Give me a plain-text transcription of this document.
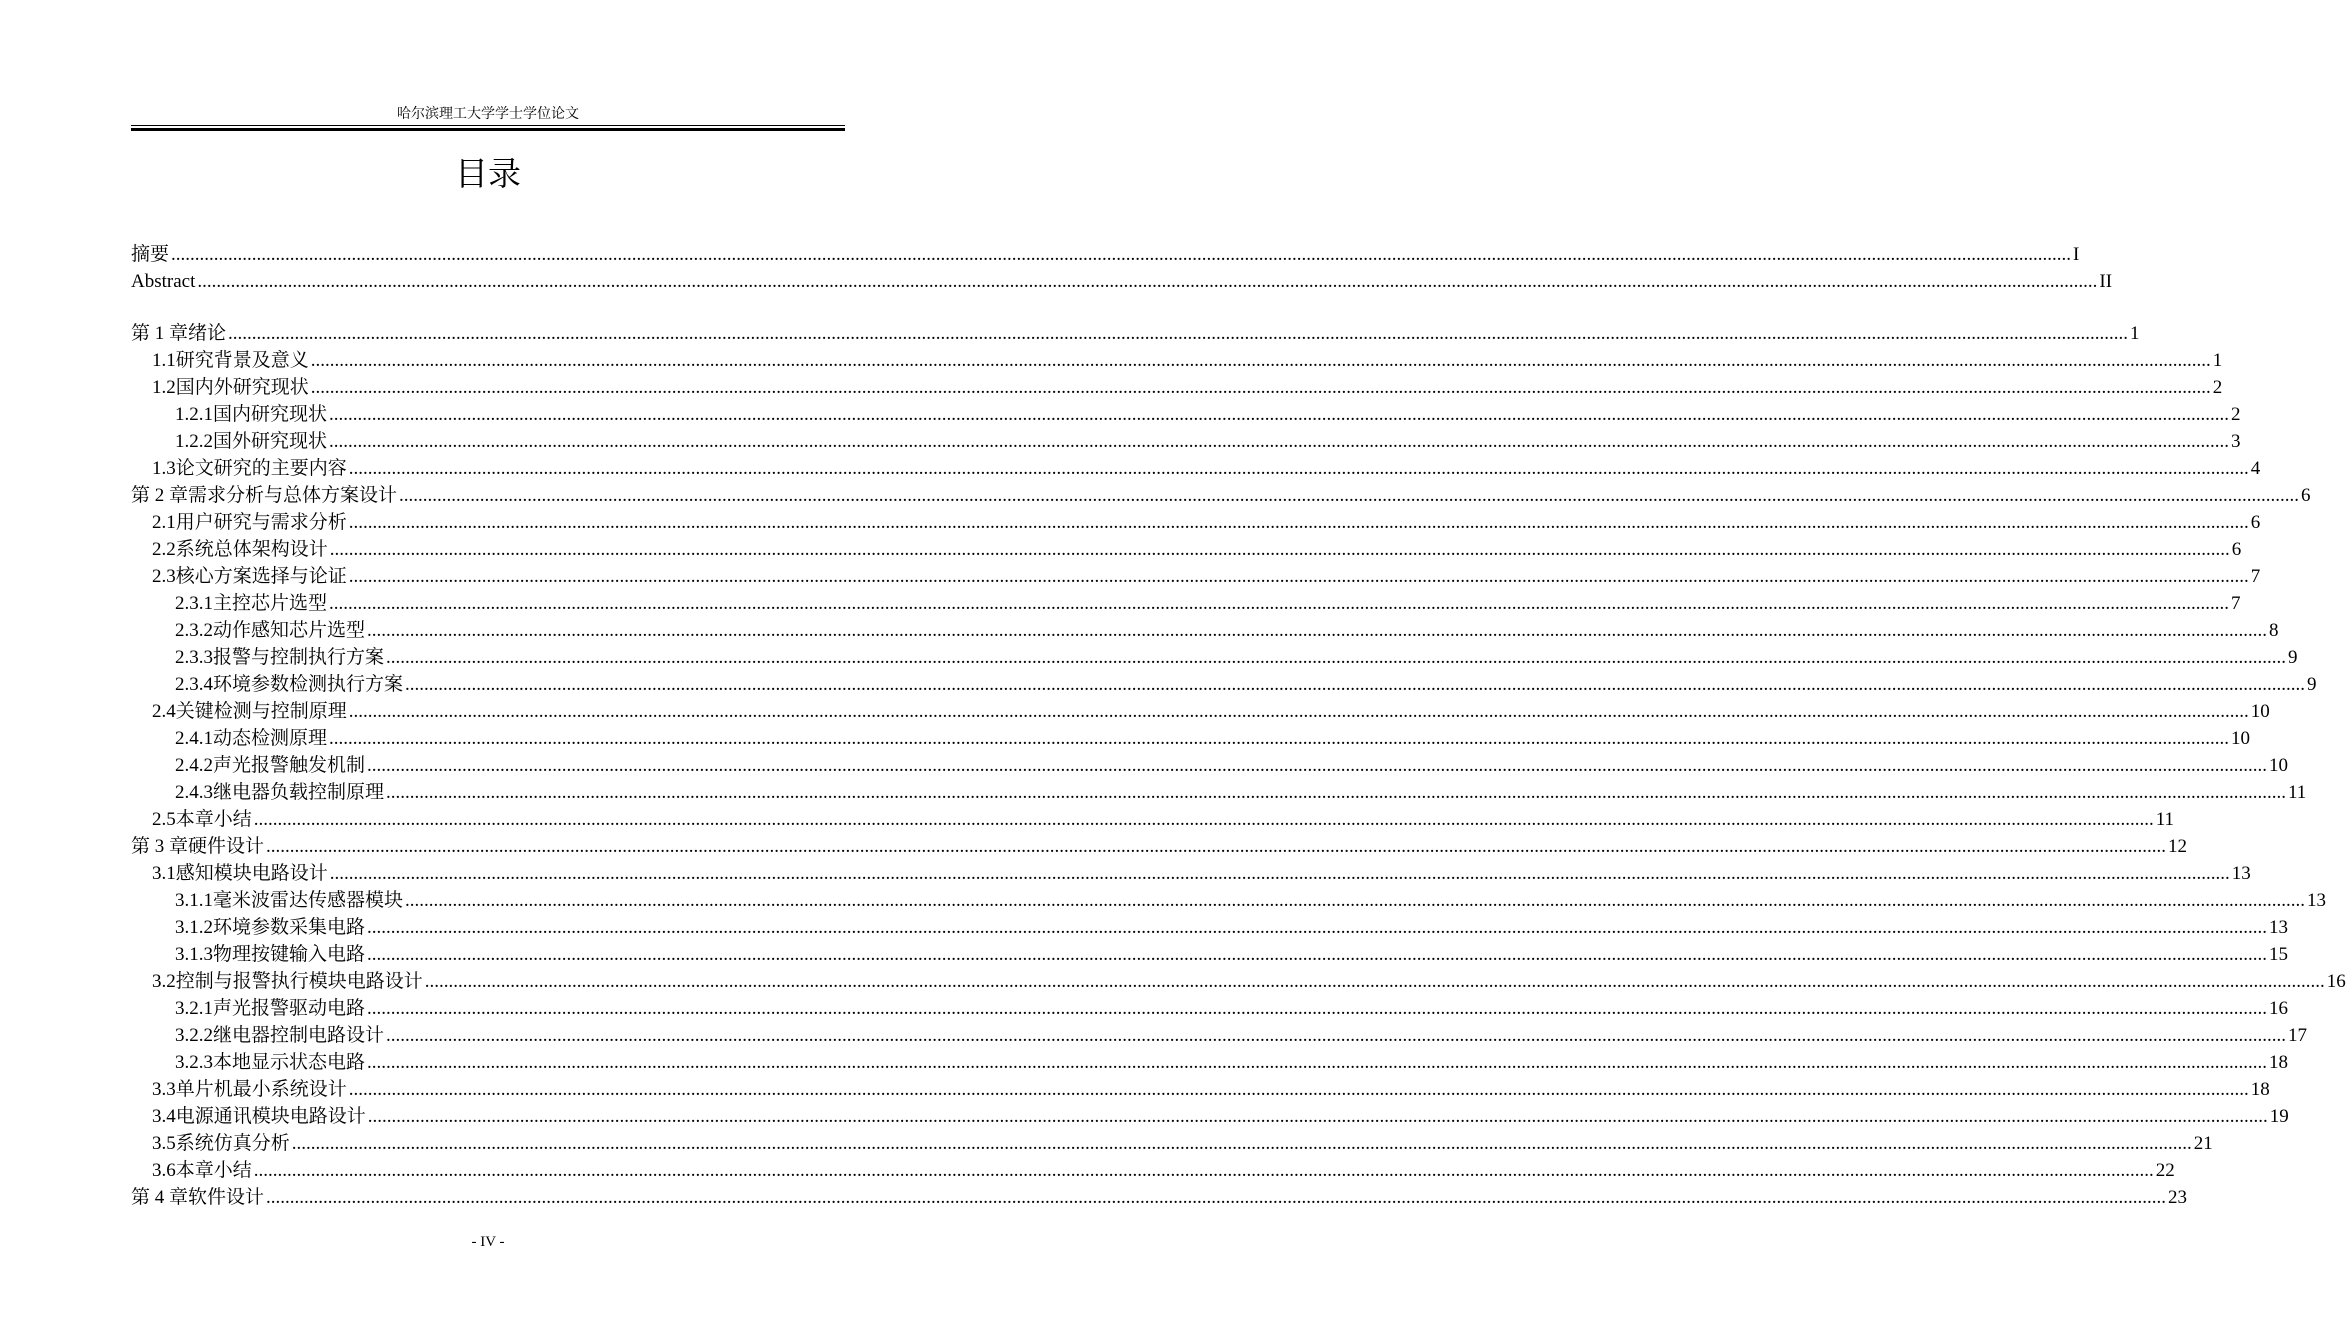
哈尔滨理工大学学士学位论文
目录
摘要 ................................................................................................................................................................................................................................................................................................................................................................................................................ I
Abstract ................................................................................................................................................................................................................................................................................................................................................................................................................ II
第 1 章 绪论 ................................................................................................................................................................................................................................................................................................................................................................................................................ 1
1.1 研究背景及意义 ................................................................................................................................................................................................................................................................................................................................................................................................................ 1
1.2 国内外研究现状 ................................................................................................................................................................................................................................................................................................................................................................................................................ 2
1.2.1 国内研究现状 ................................................................................................................................................................................................................................................................................................................................................................................................................ 2
1.2.2 国外研究现状 ................................................................................................................................................................................................................................................................................................................................................................................................................ 3
1.3 论文研究的主要内容 ................................................................................................................................................................................................................................................................................................................................................................................................................ 4
第 2 章 需求分析与总体方案设计 ................................................................................................................................................................................................................................................................................................................................................................................................................ 6
2.1 用户研究与需求分析 ................................................................................................................................................................................................................................................................................................................................................................................................................ 6
2.2 系统总体架构设计 ................................................................................................................................................................................................................................................................................................................................................................................................................ 6
2.3 核心方案选择与论证 ................................................................................................................................................................................................................................................................................................................................................................................................................ 7
2.3.1 主控芯片选型 ................................................................................................................................................................................................................................................................................................................................................................................................................ 7
2.3.2 动作感知芯片选型 ................................................................................................................................................................................................................................................................................................................................................................................................................ 8
2.3.3 报警与控制执行方案 ................................................................................................................................................................................................................................................................................................................................................................................................................ 9
2.3.4 环境参数检测执行方案 ................................................................................................................................................................................................................................................................................................................................................................................................................ 9
2.4 关键检测与控制原理 ................................................................................................................................................................................................................................................................................................................................................................................................................ 10
2.4.1 动态检测原理 ................................................................................................................................................................................................................................................................................................................................................................................................................ 10
2.4.2 声光报警触发机制 ................................................................................................................................................................................................................................................................................................................................................................................................................ 10
2.4.3 继电器负载控制原理 ................................................................................................................................................................................................................................................................................................................................................................................................................ 11
2.5 本章小结 ................................................................................................................................................................................................................................................................................................................................................................................................................ 11
第 3 章 硬件设计 ................................................................................................................................................................................................................................................................................................................................................................................................................ 12
3.1 感知模块电路设计 ................................................................................................................................................................................................................................................................................................................................................................................................................ 13
3.1.1 毫米波雷达传感器模块 ................................................................................................................................................................................................................................................................................................................................................................................................................ 13
3.1.2 环境参数采集电路 ................................................................................................................................................................................................................................................................................................................................................................................................................ 13
3.1.3 物理按键输入电路 ................................................................................................................................................................................................................................................................................................................................................................................................................ 15
3.2 控制与报警执行模块电路设计 ................................................................................................................................................................................................................................................................................................................................................................................................................ 16
3.2.1 声光报警驱动电路 ................................................................................................................................................................................................................................................................................................................................................................................................................ 16
3.2.2 继电器控制电路设计 ................................................................................................................................................................................................................................................................................................................................................................................................................ 17
3.2.3 本地显示状态电路 ................................................................................................................................................................................................................................................................................................................................................................................................................ 18
3.3 单片机最小系统设计 ................................................................................................................................................................................................................................................................................................................................................................................................................ 18
3.4 电源通讯模块电路设计 ................................................................................................................................................................................................................................................................................................................................................................................................................ 19
3.5 系统仿真分析 ................................................................................................................................................................................................................................................................................................................................................................................................................ 21
3.6 本章小结 ................................................................................................................................................................................................................................................................................................................................................................................................................ 22
第 4 章 软件设计 ................................................................................................................................................................................................................................................................................................................................................................................................................ 23
- IV -
